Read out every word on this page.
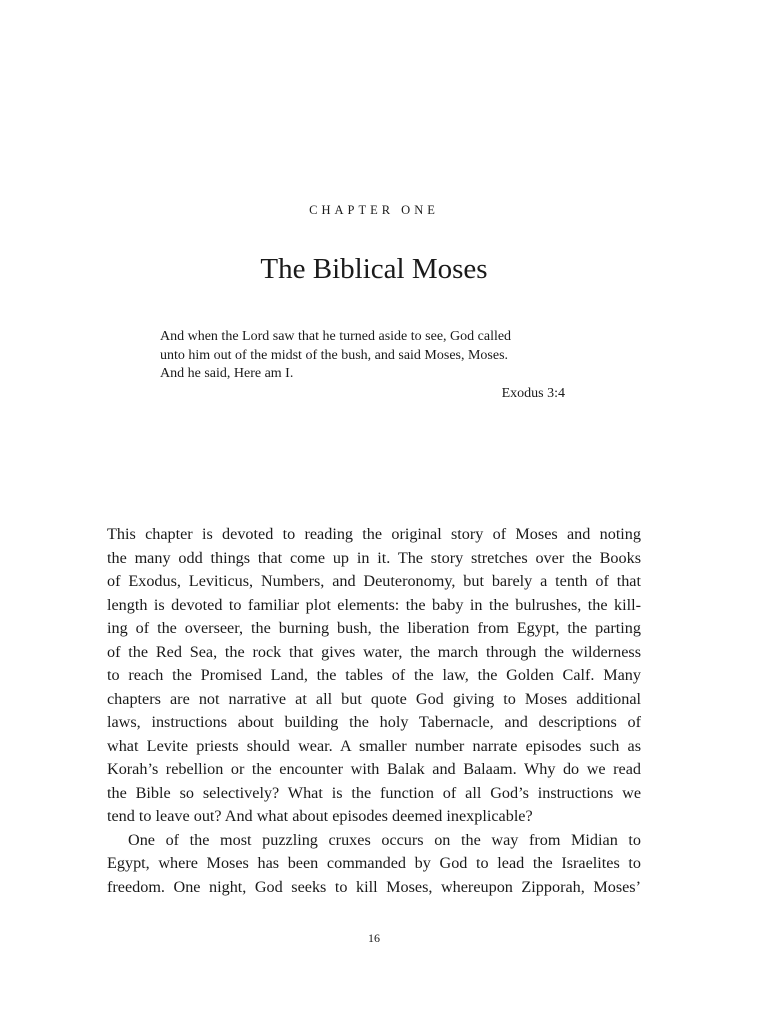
CHAPTER ONE
The Biblical Moses
And when the Lord saw that he turned aside to see, God called
unto him out of the midst of the bush, and said Moses, Moses.
And he said, Here am I.
Exodus 3:4
This chapter is devoted to reading the original story of Moses and noting
the many odd things that come up in it. The story stretches over the Books
of Exodus, Leviticus, Numbers, and Deuteronomy, but barely a tenth of that
length is devoted to familiar plot elements: the baby in the bulrushes, the kill-
ing of the overseer, the burning bush, the liberation from Egypt, the parting
of the Red Sea, the rock that gives water, the march through the wilderness
to reach the Promised Land, the tables of the law, the Golden Calf. Many
chapters are not narrative at all but quote God giving to Moses additional
laws, instructions about building the holy Tabernacle, and descriptions of
what Levite priests should wear. A smaller number narrate episodes such as
Korah’s rebellion or the encounter with Balak and Balaam. Why do we read
the Bible so selectively? What is the function of all God’s instructions we
tend to leave out? And what about episodes deemed inexplicable?
One of the most puzzling cruxes occurs on the way from Midian to
Egypt, where Moses has been commanded by God to lead the Israelites to
freedom. One night, God seeks to kill Moses, whereupon Zipporah, Moses’
16
